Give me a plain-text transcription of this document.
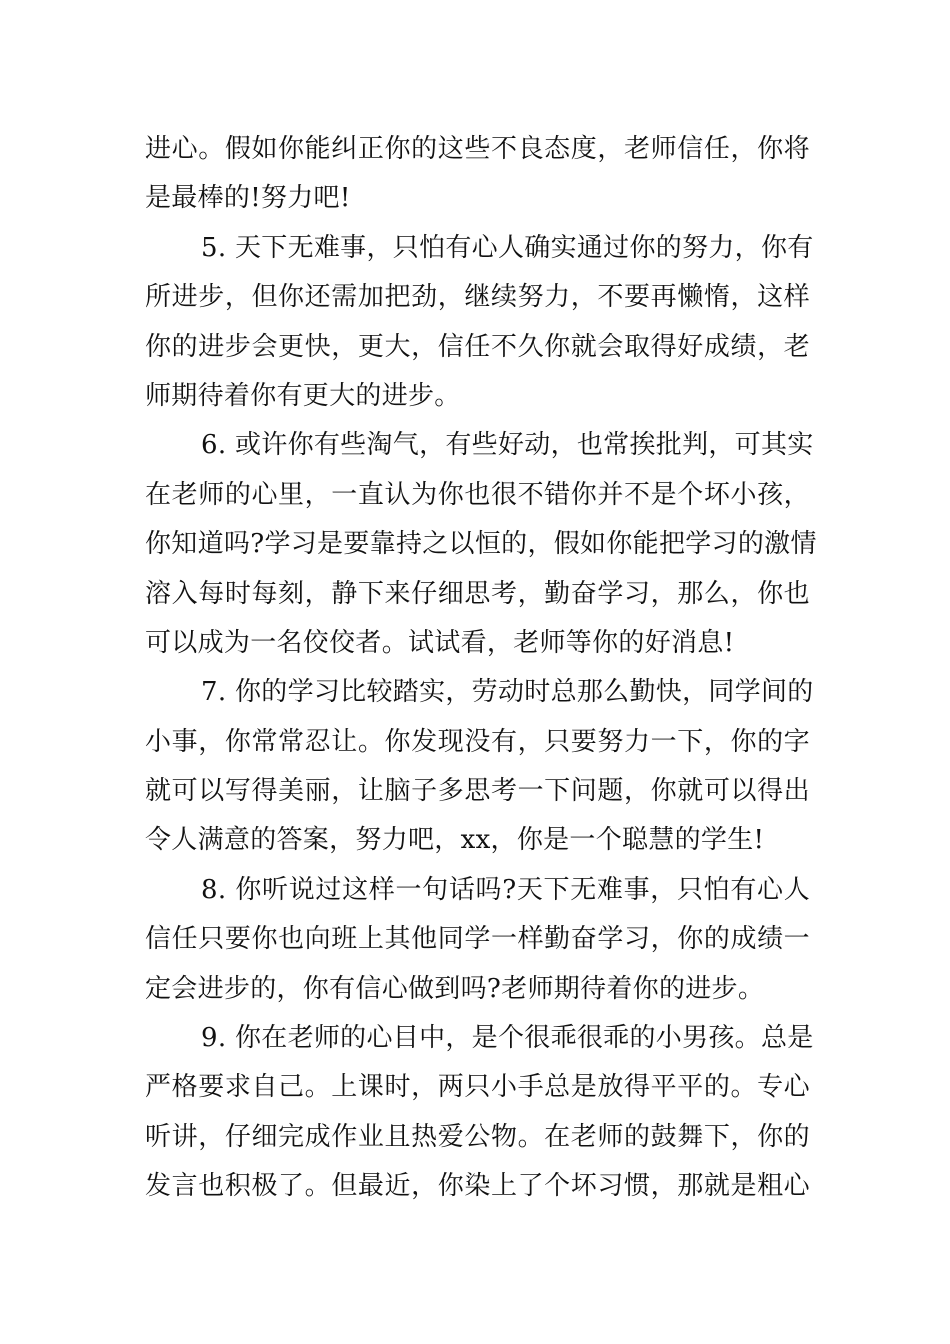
进心。假如你能纠正你的这些不良态度，老师信任，你将
是最棒的!努力吧!
5. 天下无难事，只怕有心人确实通过你的努力，你有
所进步，但你还需加把劲，继续努力，不要再懒惰，这样
你的进步会更快，更大，信任不久你就会取得好成绩，老
师期待着你有更大的进步。
6. 或许你有些淘气，有些好动，也常挨批判，可其实
在老师的心里，一直认为你也很不错你并不是个坏小孩，
你知道吗?学习是要靠持之以恒的，假如你能把学习的激情
溶入每时每刻，静下来仔细思考，勤奋学习，那么，你也
可以成为一名佼佼者。试试看，老师等你的好消息!
7. 你的学习比较踏实，劳动时总那么勤快，同学间的
小事，你常常忍让。你发现没有，只要努力一下，你的字
就可以写得美丽，让脑子多思考一下问题，你就可以得出
令人满意的答案，努力吧，xx，你是一个聪慧的学生!
8. 你听说过这样一句话吗?天下无难事，只怕有心人
信任只要你也向班上其他同学一样勤奋学习，你的成绩一
定会进步的，你有信心做到吗?老师期待着你的进步。
9. 你在老师的心目中，是个很乖很乖的小男孩。总是
严格要求自己。上课时，两只小手总是放得平平的。专心
听讲，仔细完成作业且热爱公物。在老师的鼓舞下，你的
发言也积极了。但最近，你染上了个坏习惯，那就是粗心
